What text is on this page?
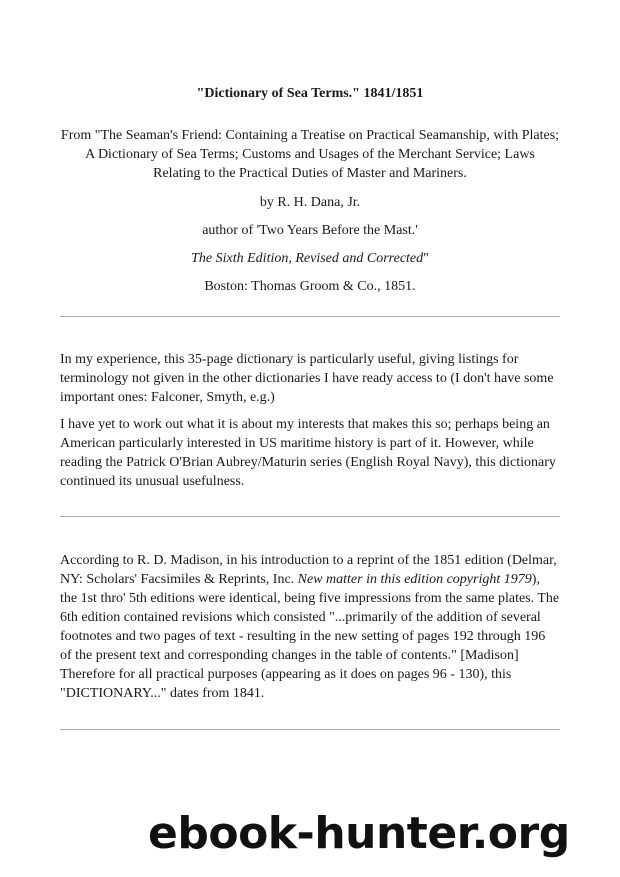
"Dictionary of Sea Terms." 1841/1851

From "The Seaman's Friend: Containing a Treatise on Practical Seamanship, with Plates; A Dictionary of Sea Terms; Customs and Usages of the Merchant Service; Laws Relating to the Practical Duties of Master and Mariners.

by R. H. Dana, Jr.

author of 'Two Years Before the Mast.'

The Sixth Edition, Revised and Corrected"

Boston: Thomas Groom & Co., 1851.

In my experience, this 35-page dictionary is particularly useful, giving listings for terminology not given in the other dictionaries I have ready access to (I don't have some important ones: Falconer, Smyth, e.g.)

I have yet to work out what it is about my interests that makes this so; perhaps being an American particularly interested in US maritime history is part of it. However, while reading the Patrick O'Brian Aubrey/Maturin series (English Royal Navy), this dictionary continued its unusual usefulness.

According to R. D. Madison, in his introduction to a reprint of the 1851 edition (Delmar, NY: Scholars' Facsimiles & Reprints, Inc. New matter in this edition copyright 1979), the 1st thro' 5th editions were identical, being five impressions from the same plates. The 6th edition contained revisions which consisted "...primarily of the addition of several footnotes and two pages of text - resulting in the new setting of pages 192 through 196 of the present text and corresponding changes in the table of contents." [Madison] Therefore for all practical purposes (appearing as it does on pages 96 - 130), this "DICTIONARY..." dates from 1841.

ebook-hunter.org
